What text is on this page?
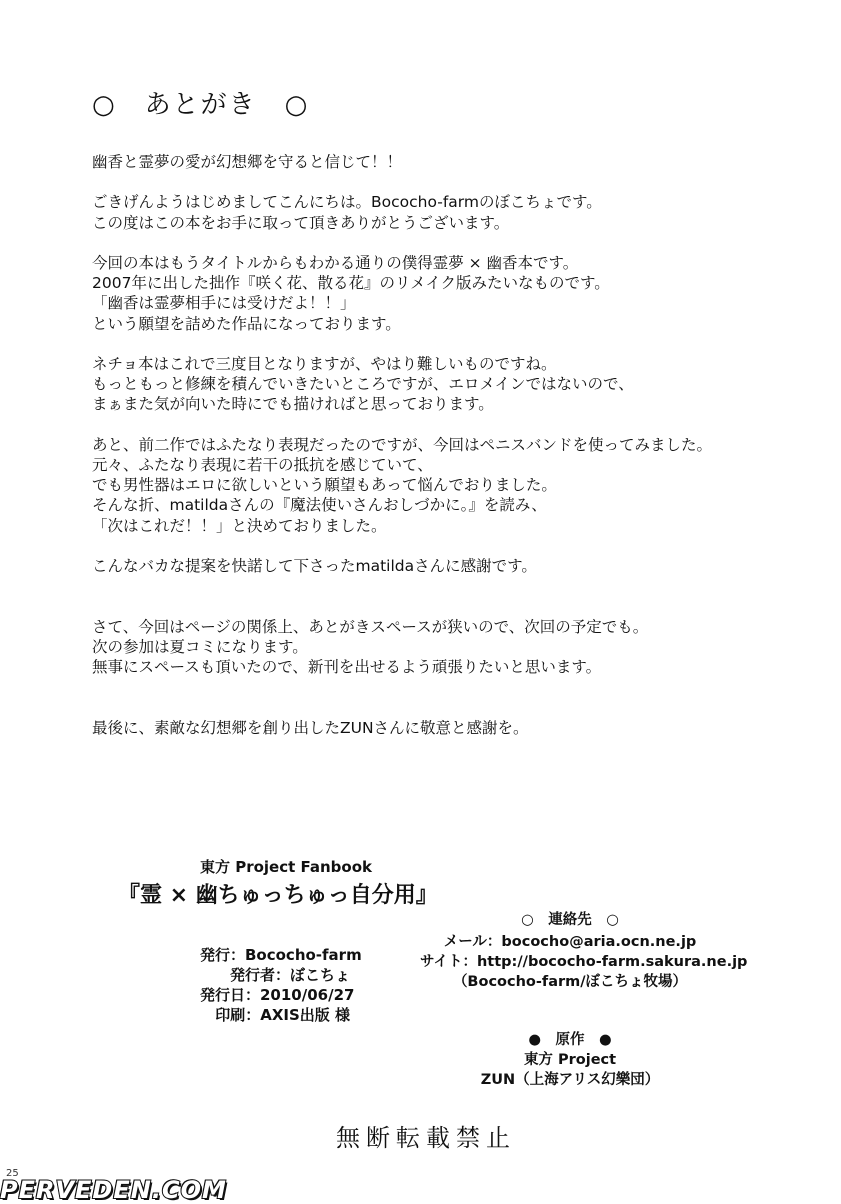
○　あとがき　○
幽香と霊夢の愛が幻想郷を守ると信じて！！
ごきげんようはじめましてこんにちは。Bococho-farmのぼこちょです。
この度はこの本をお手に取って頂きありがとうございます。
今回の本はもうタイトルからもわかる通りの僕得霊夢 × 幽香本です。
2007年に出した拙作『咲く花、散る花』のリメイク版みたいなものです。
「幽香は霊夢相手には受けだよ！！」
という願望を詰めた作品になっております。
ネチョ本はこれで三度目となりますが、やはり難しいものですね。
もっともっと修練を積んでいきたいところですが、エロメインではないので、
まぁまた気が向いた時にでも描ければと思っております。
あと、前二作ではふたなり表現だったのですが、今回はペニスバンドを使ってみました。
元々、ふたなり表現に若干の抵抗を感じていて、
でも男性器はエロに欲しいという願望もあって悩んでおりました。
そんな折、matildaさんの『魔法使いさんおしづかに。』を読み、
「次はこれだ！！」と決めておりました。
こんなバカな提案を快諾して下さったmatildaさんに感謝です。
さて、今回はページの関係上、あとがきスペースが狭いので、次回の予定でも。
次の参加は夏コミになります。
無事にスペースも頂いたので、新刊を出せるよう頑張りたいと思います。
最後に、素敵な幻想郷を創り出したZUNさんに敬意と感謝を。
東方 Project Fanbook
『霊 × 幽ちゅっちゅっ自分用』
発行：Bococho-farm
発行者：ぼこちょ
発行日：2010/06/27
印刷：AXIS出版 様
○　連絡先　○
メール：bococho@aria.ocn.ne.jp
サイト：http://bococho-farm.sakura.ne.jp
（Bococho-farm/ぼこちょ牧場）
●　原作　●
東方 Project
ZUN（上海アリス幻樂団）
無断転載禁止
25
PERVEDEN.COM
